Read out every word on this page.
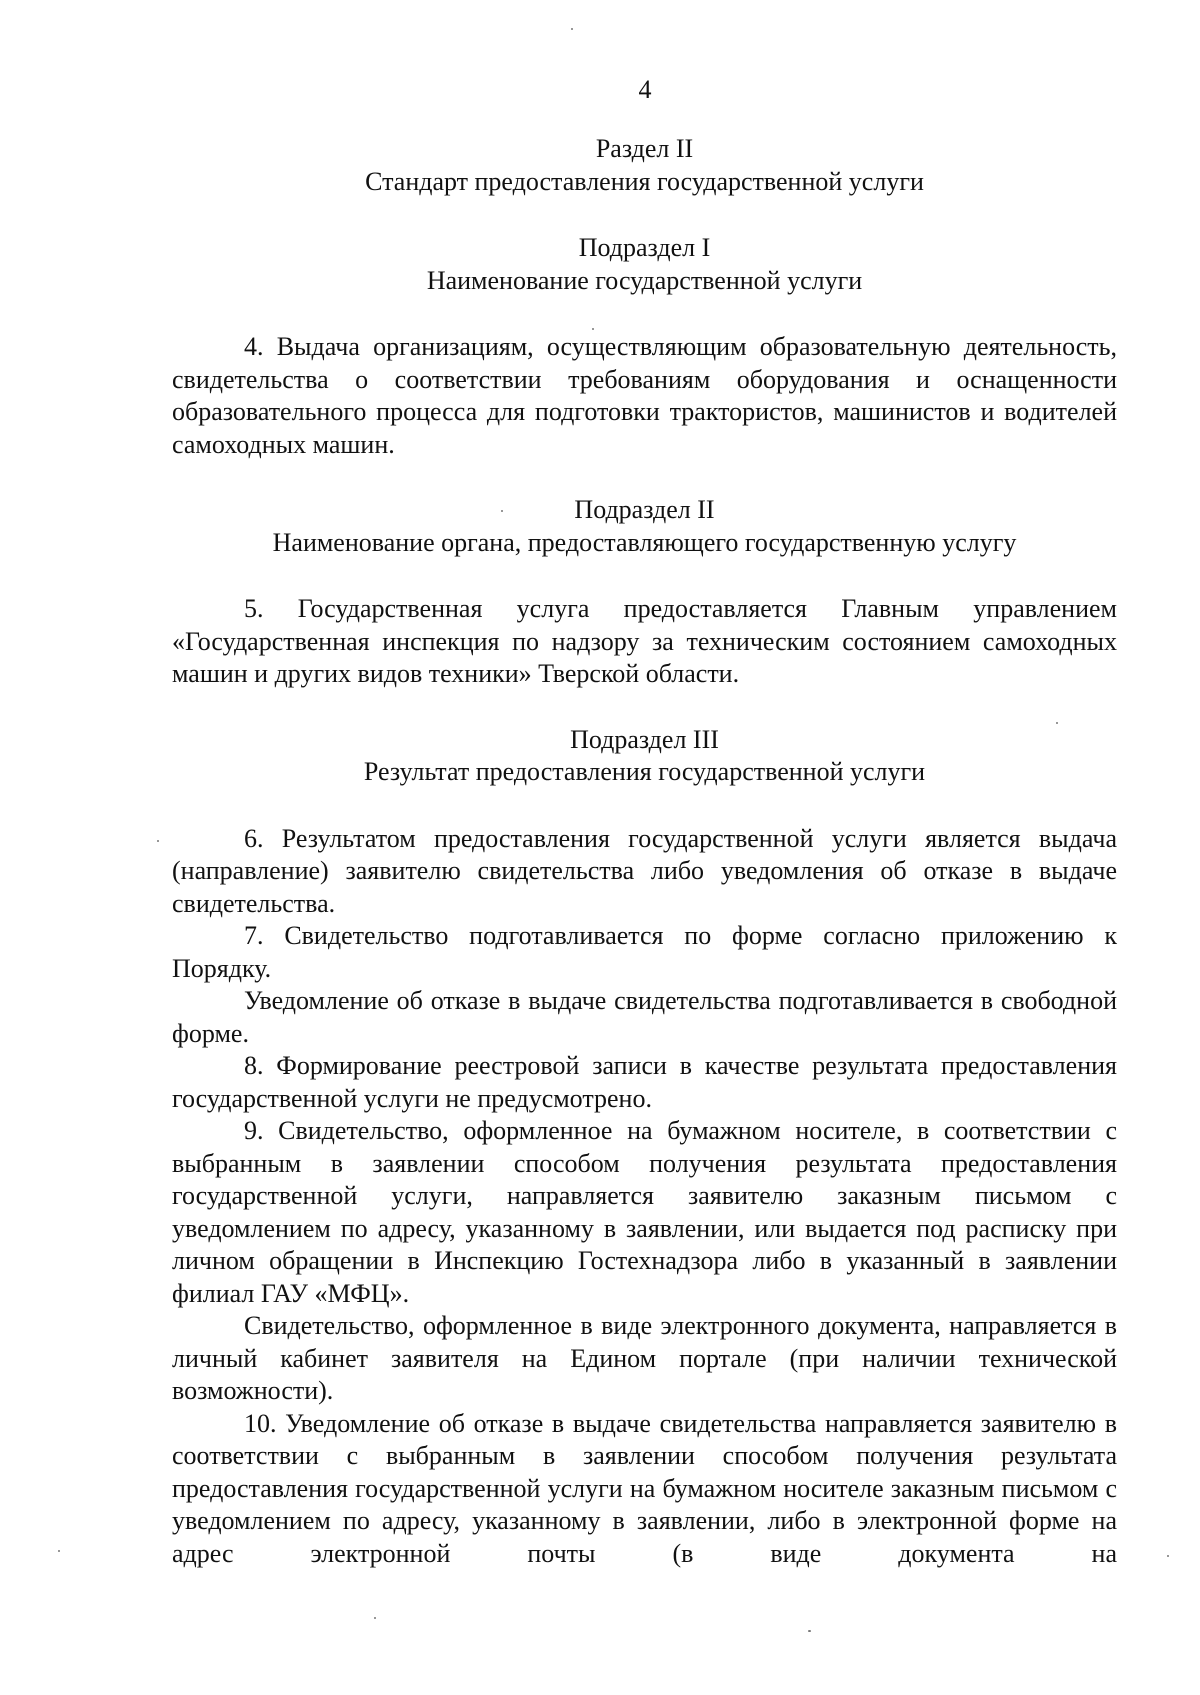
4
Раздел II
Стандарт предоставления государственной услуги
Подраздел I
Наименование государственной услуги

4. Выдача организациям, осуществляющим образовательную деятельность, свидетельства о соответствии требованиям оборудования и оснащенности образовательного процесса для подготовки трактористов, машинистов и водителей самоходных машин.

Подраздел II
Наименование органа, предоставляющего государственную услугу

5. Государственная услуга предоставляется Главным управлением «Государственная инспекция по надзору за техническим состоянием самоходных машин и других видов техники» Тверской области.

Подраздел III
Результат предоставления государственной услуги

6. Результатом предоставления государственной услуги является выдача (направление) заявителю свидетельства либо уведомления об отказе в выдаче свидетельства.

7. Свидетельство подготавливается по форме согласно приложению к Порядку.

Уведомление об отказе в выдаче свидетельства подготавливается в свободной форме.

8. Формирование реестровой записи в качестве результата предоставления государственной услуги не предусмотрено.

9. Свидетельство, оформленное на бумажном носителе, в соответствии с выбранным в заявлении способом получения результата предоставления государственной услуги, направляется заявителю заказным письмом с уведомлением по адресу, указанному в заявлении, или выдается под расписку при личном обращении в Инспекцию Гостехнадзора либо в указанный в заявлении филиал ГАУ «МФЦ».

Свидетельство, оформленное в виде электронного документа, направляется в личный кабинет заявителя на Едином портале (при наличии технической возможности).

10. Уведомление об отказе в выдаче свидетельства направляется заявителю в соответствии с выбранным в заявлении способом получения результата предоставления государственной услуги на бумажном носителе заказным письмом с уведомлением по адресу, указанному в заявлении, либо в электронной форме на адрес электронной почты (в виде документа на
